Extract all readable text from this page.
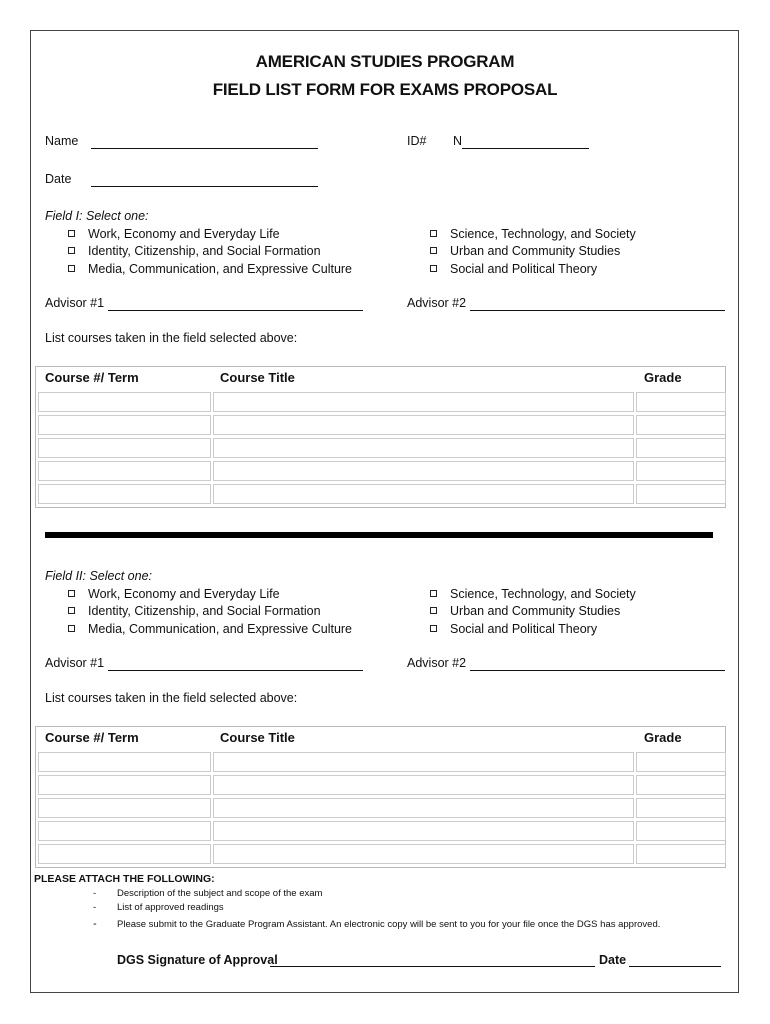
AMERICAN STUDIES PROGRAM
FIELD LIST FORM FOR EXAMS PROPOSAL
Name	ID# N
Date
Field I: Select one:
Work, Economy and Everyday Life
Identity, Citizenship, and Social Formation
Media, Communication, and Expressive Culture
Science, Technology, and Society
Urban and Community Studies
Social and Political Theory
Advisor #1	Advisor #2
List courses taken in the field selected above:
Course #/ Term	Course Title	Grade
Field II: Select one:
Work, Economy and Everyday Life
Identity, Citizenship, and Social Formation
Media, Communication, and Expressive Culture
Science, Technology, and Society
Urban and Community Studies
Social and Political Theory
Advisor #1	Advisor #2
List courses taken in the field selected above:
Course #/ Term	Course Title	Grade
PLEASE ATTACH THE FOLLOWING:
- Description of the subject and scope of the exam
- List of approved readings
- Please submit to the Graduate Program Assistant. An electronic copy will be sent to you for your file once the DGS has approved.
DGS Signature of Approval	Date
